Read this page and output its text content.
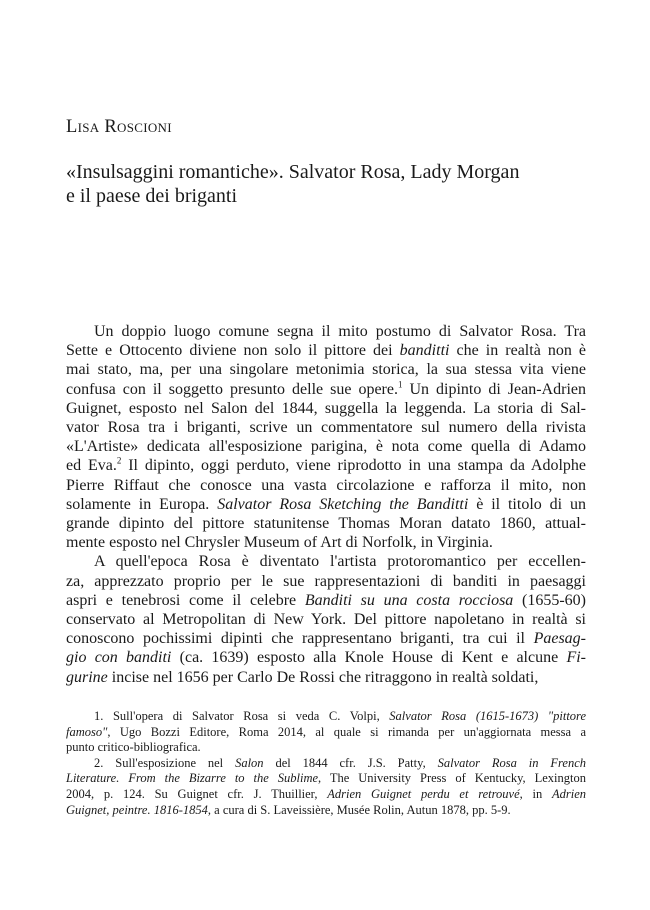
Lisa Roscioni
«Insulsaggini romantiche». Salvator Rosa, Lady Morgan
e il paese dei briganti
Un doppio luogo comune segna il mito postumo di Salvator Rosa. Tra
Sette e Ottocento diviene non solo il pittore dei banditti che in realtà non è
mai stato, ma, per una singolare metonimia storica, la sua stessa vita viene
confusa con il soggetto presunto delle sue opere.$^1$ Un dipinto di Jean-Adrien
Guignet, esposto nel Salon del 1844, suggella la leggenda. La storia di Sal-
vator Rosa tra i briganti, scrive un commentatore sul numero della rivista
«L'Artiste» dedicata all'esposizione parigina, è nota come quella di Adamo
ed Eva.$^2$ Il dipinto, oggi perduto, viene riprodotto in una stampa da Adolphe
Pierre Riffaut che conosce una vasta circolazione e rafforza il mito, non
solamente in Europa. Salvator Rosa Sketching the Banditti è il titolo di un
grande dipinto del pittore statunitense Thomas Moran datato 1860, attual-
mente esposto nel Chrysler Museum of Art di Norfolk, in Virginia.
A quell'epoca Rosa è diventato l'artista protoromantico per eccellen-
za, apprezzato proprio per le sue rappresentazioni di banditi in paesaggi
aspri e tenebrosi come il celebre Banditi su una costa rocciosa (1655-60)
conservato al Metropolitan di New York. Del pittore napoletano in realtà si
conoscono pochissimi dipinti che rappresentano briganti, tra cui il Paesag-
gio con banditi (ca. 1639) esposto alla Knole House di Kent e alcune Fi-
gurine incise nel 1656 per Carlo De Rossi che ritraggono in realtà soldati,
1. Sull'opera di Salvator Rosa si veda C. Volpi, Salvator Rosa (1615-1673) "pittore
famoso", Ugo Bozzi Editore, Roma 2014, al quale si rimanda per un'aggiornata messa a
punto critico-bibliografica.
2. Sull'esposizione nel Salon del 1844 cfr. J.S. Patty, Salvator Rosa in French
Literature. From the Bizarre to the Sublime, The University Press of Kentucky, Lexington
2004, p. 124. Su Guignet cfr. J. Thuillier, Adrien Guignet perdu et retrouvé, in Adrien
Guignet, peintre. 1816-1854, a cura di S. Laveissière, Musée Rolin, Autun 1878, pp. 5-9.
